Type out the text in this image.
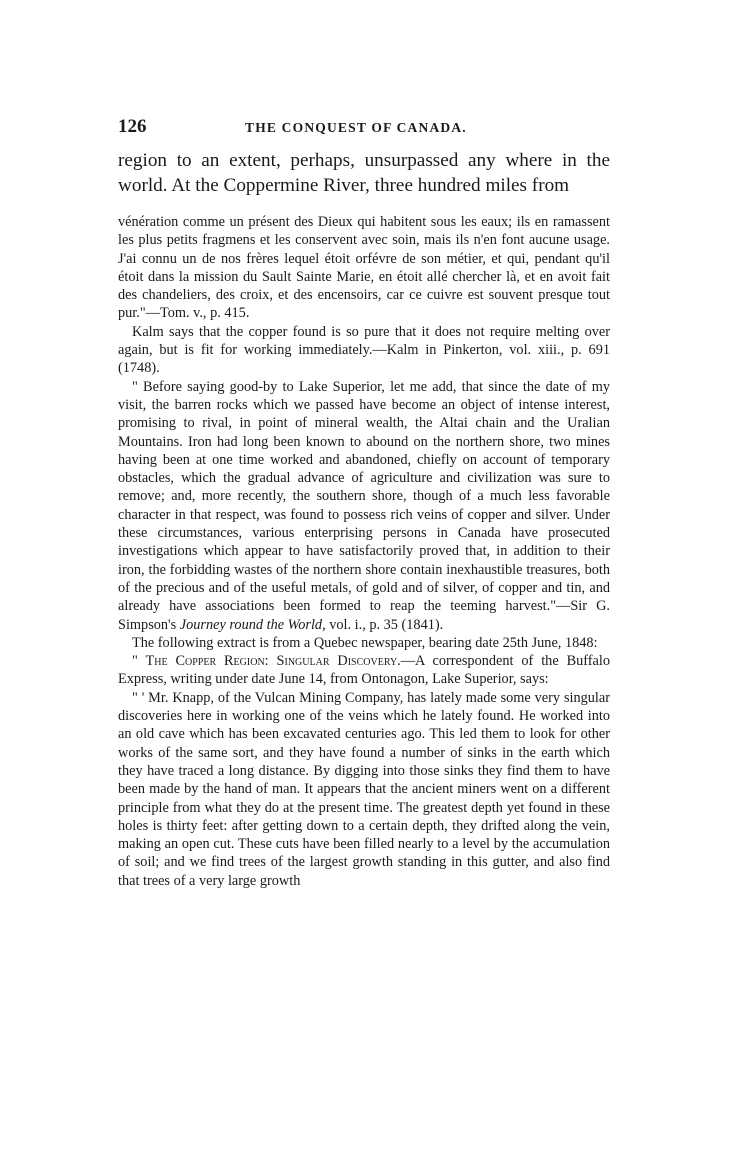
126	THE CONQUEST OF CANADA.

region to an extent, perhaps, unsurpassed any where in the world. At the Coppermine River, three hundred miles from

vénération comme un présent des Dieux qui habitent sous les eaux; ils en ramassent les plus petits fragmens et les conservent avec soin, mais ils n'en font aucune usage. J'ai connu un de nos frères lequel étoit orfévre de son métier, et qui, pendant qu'il étoit dans la mission du Sault Sainte Marie, en étoit allé chercher là, et en avoit fait des chandeliers, des croix, et des encensoirs, car ce cuivre est souvent presque tout pur."—Tom. v., p. 415.

Kalm says that the copper found is so pure that it does not require melting over again, but is fit for working immediately.—Kalm in Pinkerton, vol. xiii., p. 691 (1748).

" Before saying good-by to Lake Superior, let me add, that since the date of my visit, the barren rocks which we passed have become an object of intense interest, promising to rival, in point of mineral wealth, the Altai chain and the Uralian Mountains. Iron had long been known to abound on the northern shore, two mines having been at one time worked and abandoned, chiefly on account of temporary obstacles, which the gradual advance of agriculture and civilization was sure to remove; and, more recently, the southern shore, though of a much less favorable character in that respect, was found to possess rich veins of copper and silver. Under these circumstances, various enterprising persons in Canada have prosecuted investigations which appear to have satisfactorily proved that, in addition to their iron, the forbidding wastes of the northern shore contain inexhaustible treasures, both of the precious and of the useful metals, of gold and of silver, of copper and tin, and already have associations been formed to reap the teeming harvest."—Sir G. Simpson's Journey round the World, vol. i., p. 35 (1841).

The following extract is from a Quebec newspaper, bearing date 25th June, 1848:

" The Copper Region: Singular Discovery.—A correspondent of the Buffalo Express, writing under date June 14, from Ontonagon, Lake Superior, says:

" ' Mr. Knapp, of the Vulcan Mining Company, has lately made some very singular discoveries here in working one of the veins which he lately found. He worked into an old cave which has been excavated centuries ago. This led them to look for other works of the same sort, and they have found a number of sinks in the earth which they have traced a long distance. By digging into those sinks they find them to have been made by the hand of man. It appears that the ancient miners went on a different principle from what they do at the present time. The greatest depth yet found in these holes is thirty feet: after getting down to a certain depth, they drifted along the vein, making an open cut. These cuts have been filled nearly to a level by the accumulation of soil; and we find trees of the largest growth standing in this gutter, and also find that trees of a very large growth
